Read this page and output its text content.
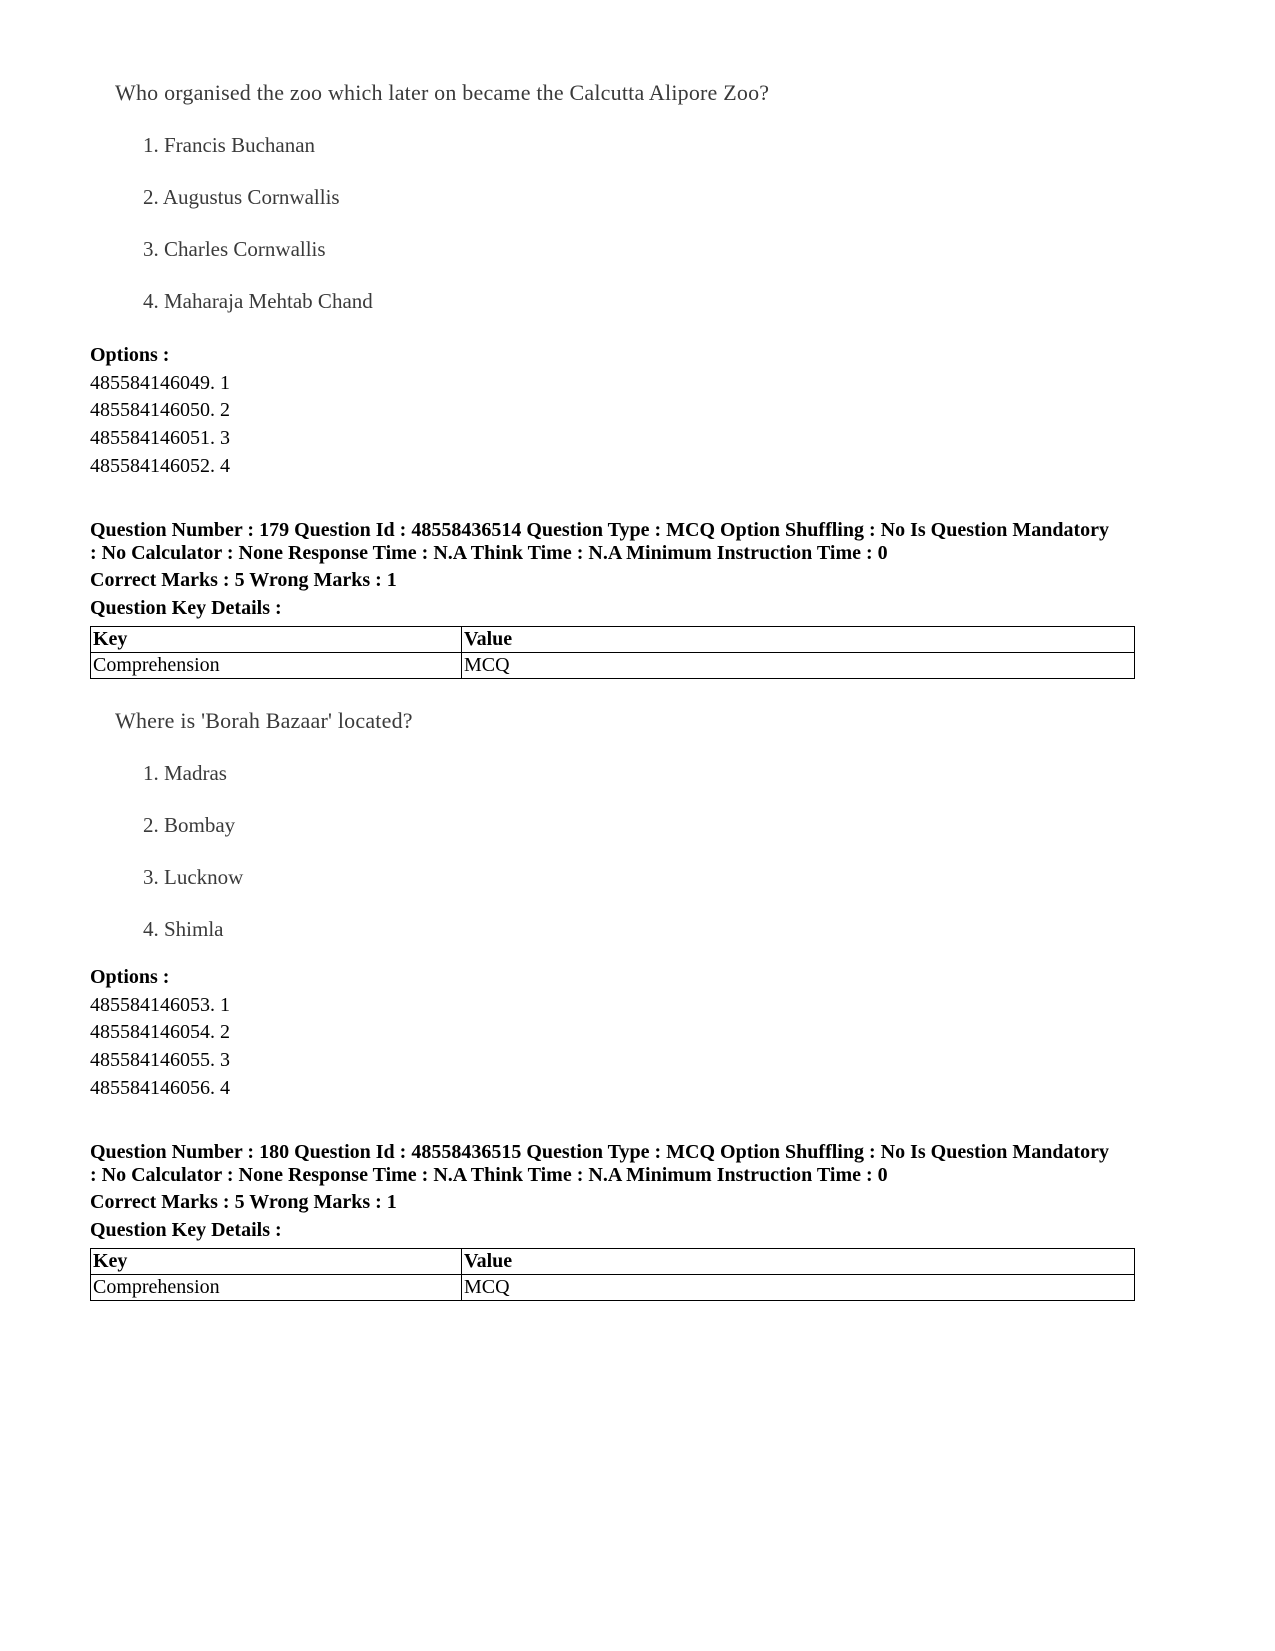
Who organised the zoo which later on became the Calcutta Alipore Zoo?
1. Francis Buchanan
2. Augustus Cornwallis
3. Charles Cornwallis
4. Maharaja Mehtab Chand
Options :
485584146049. 1
485584146050. 2
485584146051. 3
485584146052. 4
Question Number : 179 Question Id : 48558436514 Question Type : MCQ Option Shuffling : No Is Question Mandatory
: No Calculator : None Response Time : N.A Think Time : N.A Minimum Instruction Time : 0
Correct Marks : 5 Wrong Marks : 1
Question Key Details :
Key	Value
Comprehension	MCQ
Where is 'Borah Bazaar' located?
1. Madras
2. Bombay
3. Lucknow
4. Shimla
Options :
485584146053. 1
485584146054. 2
485584146055. 3
485584146056. 4
Question Number : 180 Question Id : 48558436515 Question Type : MCQ Option Shuffling : No Is Question Mandatory
: No Calculator : None Response Time : N.A Think Time : N.A Minimum Instruction Time : 0
Correct Marks : 5 Wrong Marks : 1
Question Key Details :
Key	Value
Comprehension	MCQ
